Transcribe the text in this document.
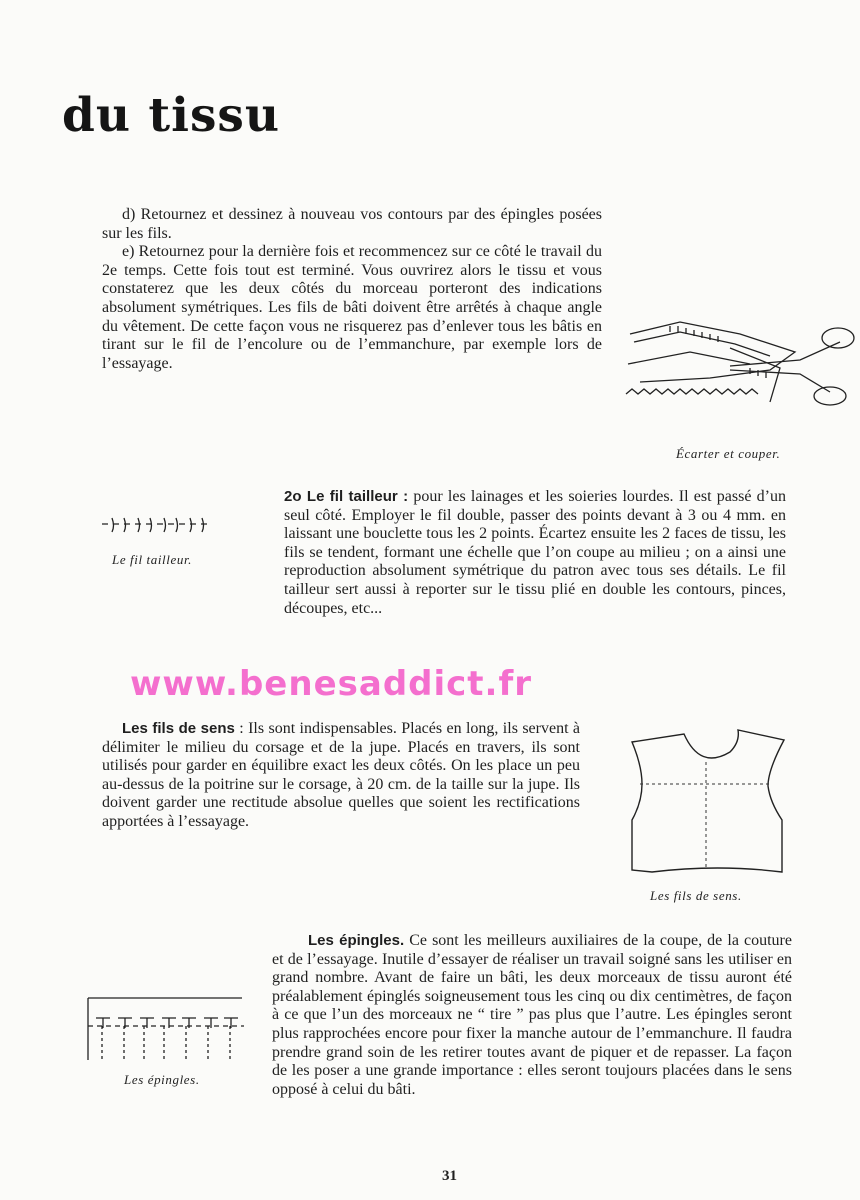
du tissu

d) Retournez et dessinez à nouveau vos contours par des épingles posées sur les fils.

e) Retournez pour la dernière fois et recommencez sur ce côté le travail du 2e temps. Cette fois tout est terminé. Vous ouvrirez alors le tissu et vous constaterez que les deux côtés du morceau porteront des indications absolument symétriques. Les fils de bâti doivent être arrêtés à chaque angle du vêtement. De cette façon vous ne risquerez pas d’enlever tous les bâtis en tirant sur le fil de l’encolure ou de l’emmanchure, par exemple lors de l’essayage.

Écarter et couper.
Le fil tailleur.
2o Le fil tailleur : pour les lainages et les soieries lourdes. Il est passé d’un seul côté. Employer le fil double, passer des points devant à 3 ou 4 mm. en laissant une bouclette tous les 2 points. Écartez ensuite les 2 faces de tissu, les fils se tendent, formant une échelle que l’on coupe au milieu ; on a ainsi une reproduction absolument symétrique du patron avec tous ses détails. Le fil tailleur sert aussi à reporter sur le tissu plié en double les contours, pinces, découpes, etc...
www.benesaddict.fr
Les fils de sens : Ils sont indispensables. Placés en long, ils servent à délimiter le milieu du corsage et de la jupe. Placés en travers, ils sont utilisés pour garder en équilibre exact les deux côtés. On les place un peu au-dessus de la poitrine sur le corsage, à 20 cm. de la taille sur la jupe. Ils doivent garder une rectitude absolue quelles que soient les rectifications apportées à l’essayage.
Les fils de sens.
Les épingles. Ce sont les meilleurs auxiliaires de la coupe, de la couture et de l’essayage. Inutile d’essayer de réaliser un travail soigné sans les utiliser en grand nombre. Avant de faire un bâti, les deux morceaux de tissu auront été préalablement épinglés soigneusement tous les cinq ou dix centimètres, de façon à ce que l’un des morceaux ne “ tire ” pas plus que l’autre. Les épingles seront plus rapprochées encore pour fixer la manche autour de l’emmanchure. Il faudra prendre grand soin de les retirer toutes avant de piquer et de repasser. La façon de les poser a une grande importance : elles seront toujours placées dans le sens opposé à celui du bâti.
Les épingles.
31
